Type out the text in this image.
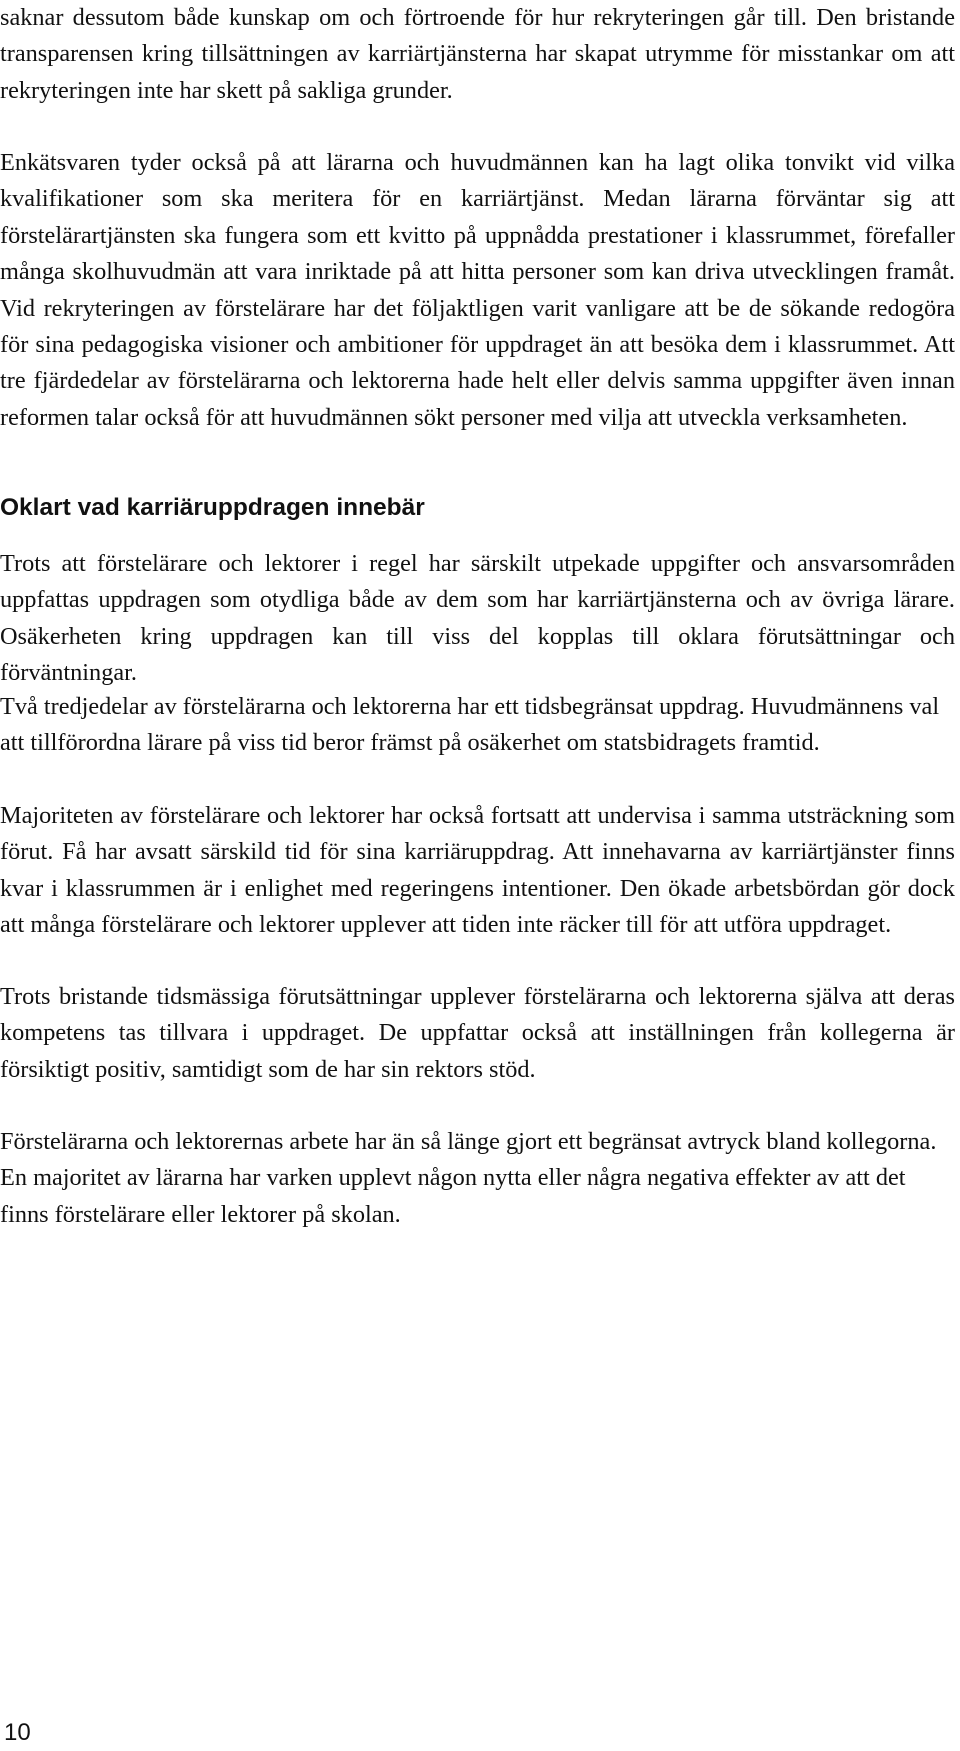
saknar dessutom både kunskap om och förtroende för hur rekryteringen går till. Den bristande transparensen kring tillsättningen av karriärtjänsterna har skapat utrymme för misstankar om att rekryteringen inte har skett på sakliga grunder.

Enkätsvaren tyder också på att lärarna och huvudmännen kan ha lagt olika tonvikt vid vilka kvalifikationer som ska meritera för en karriärtjänst. Medan lärarna förväntar sig att förstelärartjänsten ska fungera som ett kvitto på uppnådda prestationer i klassrummet, förefaller många skolhuvudmän att vara inriktade på att hitta personer som kan driva utvecklingen framåt. Vid rekryteringen av förstelärare har det följaktligen varit vanligare att be de sökande redogöra för sina pedagogiska visioner och ambitioner för uppdraget än att besöka dem i klassrummet. Att tre fjärdedelar av förstelärarna och lektorerna hade helt eller delvis samma uppgifter även innan reformen talar också för att huvudmännen sökt personer med vilja att utveckla verksamheten.

Oklart vad karriäruppdragen innebär

Trots att förstelärare och lektorer i regel har särskilt utpekade uppgifter och ansvarsområden uppfattas uppdragen som otydliga både av dem som har karriärtjänsterna och av övriga lärare. Osäkerheten kring uppdragen kan till viss del kopplas till oklara förutsättningar och förväntningar.

Två tredjedelar av förstelärarna och lektorerna har ett tidsbegränsat uppdrag. Huvudmännens val att tillförordna lärare på viss tid beror främst på osäkerhet om statsbidragets framtid.

Majoriteten av förstelärare och lektorer har också fortsatt att undervisa i samma utsträckning som förut. Få har avsatt särskild tid för sina karriäruppdrag. Att innehavarna av karriärtjänster finns kvar i klassrummen är i enlighet med regeringens intentioner. Den ökade arbetsbördan gör dock att många förstelärare och lektorer upplever att tiden inte räcker till för att utföra uppdraget.

Trots bristande tidsmässiga förutsättningar upplever förstelärarna och lektorerna själva att deras kompetens tas tillvara i uppdraget. De uppfattar också att inställningen från kollegerna är försiktigt positiv, samtidigt som de har sin rektors stöd.

Förstelärarna och lektorernas arbete har än så länge gjort ett begränsat avtryck bland kollegorna. En majoritet av lärarna har varken upplevt någon nytta eller några negativa effekter av att det finns förstelärare eller lektorer på skolan.

10
